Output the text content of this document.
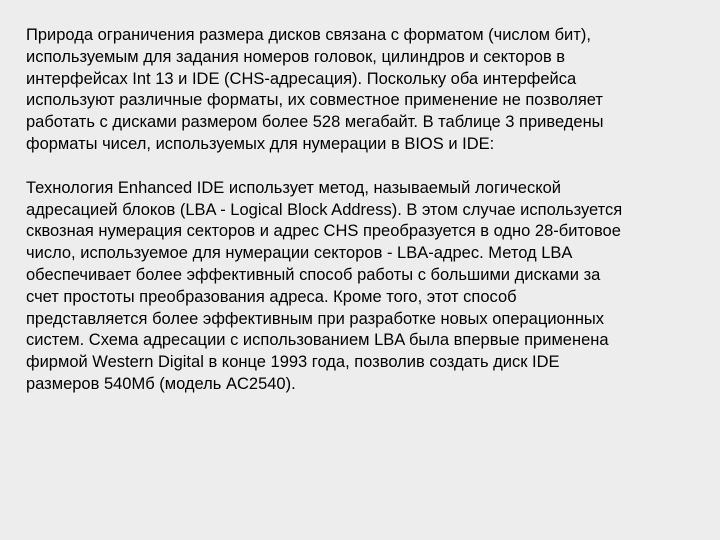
Природа ограничения размера дисков связана с форматом (числом бит),
используемым для задания номеров головок, цилиндров и секторов в
интерфейсах Int 13 и IDE (CHS-адресация). Поскольку оба интерфейса
используют различные форматы, их совместное применение не позволяет
работать с дисками размером более 528 мегабайт. В таблице 3 приведены
форматы чисел, используемых для нумерации в BIOS и IDE:

Технология Enhanced IDE использует метод, называемый логической
адресацией блоков (LBA - Logical Block Address). В этом случае используется
сквозная нумерация секторов и адрес CHS преобразуется в одно 28-битовое
число, используемое для нумерации секторов - LBA-адрес. Метод LBA
обеспечивает более эффективный способ работы с большими дисками за
счет простоты преобразования адреса. Кроме того, этот способ
представляется более эффективным при разработке новых операционных
систем. Схема адресации с использованием LBA была впервые применена
фирмой Western Digital в конце 1993 года, позволив создать диск IDE
размеров 540Мб (модель AC2540).
